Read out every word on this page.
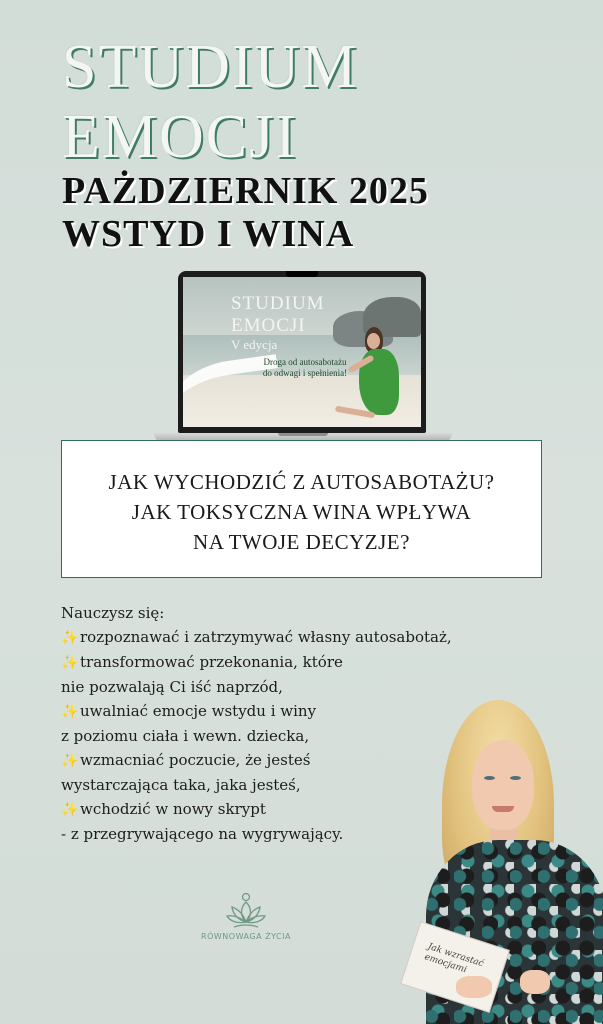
STUDIUM
EMOCJI
PAŻDZIERNIK 2025
WSTYD I WINA

STUDIUM

EMOCJI

V edycja

Droga od autosabotażu
do odwagi i spełnienia!
JAK WYCHODZIĆ Z AUTOSABOTAŻU?
JAK TOKSYCZNA WINA WPŁYWA
NA TWOJE DECYZJE?
Nauczysz się:
✨ rozpoznawać i zatrzymywać własny autosabotaż,
✨ transformować przekonania, które
nie pozwalają Ci iść naprzód,
✨ uwalniać emocje wstydu i winy
z poziomu ciała i wewn. dziecka,
✨ wzmacniać poczucie, że jesteś
wystarczająca taka, jaka jesteś,
✨ wchodzić w nowy skrypt
- z przegrywającego na wygrywający.

Jak wzrastać emocjami

RÓWNOWAGA ŻYCIA
